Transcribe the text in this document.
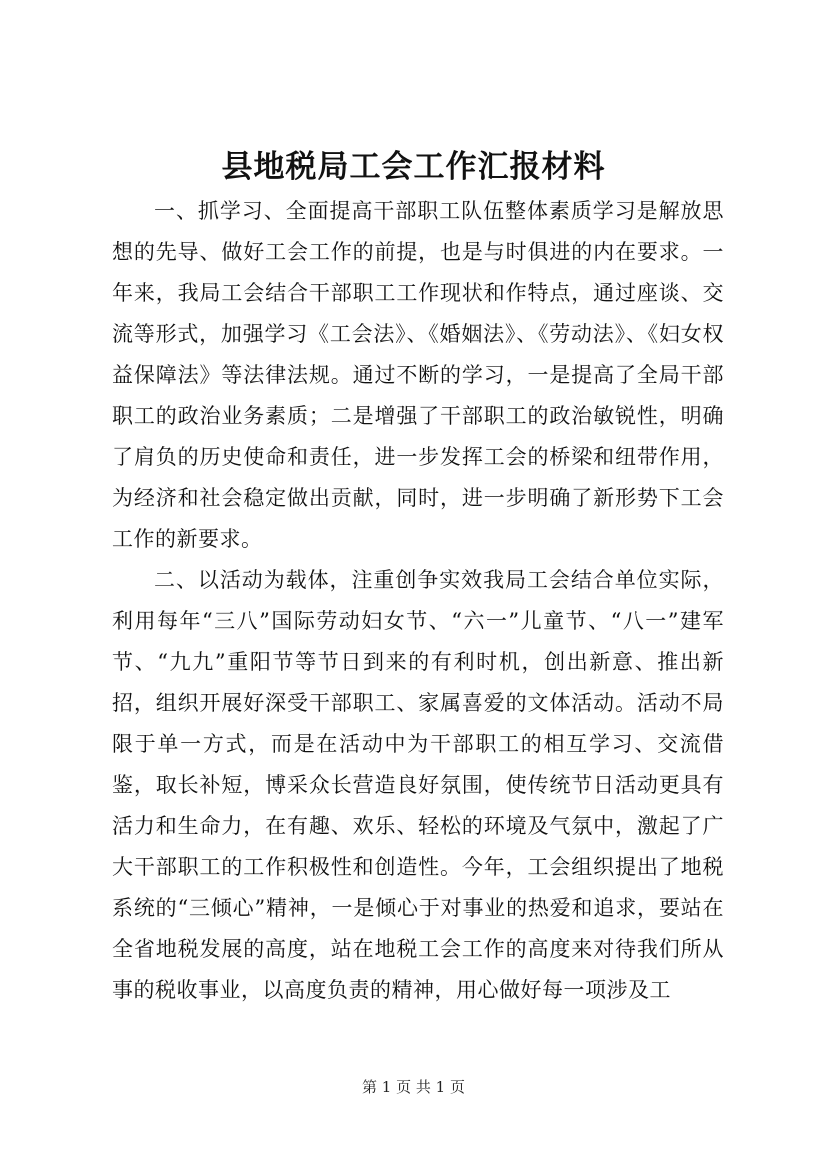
县地税局工会工作汇报材料

一、抓学习、全面提高干部职工队伍整体素质学习是解放思想的先导、做好工会工作的前提，也是与时俱进的内在要求。一年来，我局工会结合干部职工工作现状和作特点，通过座谈、交流等形式，加强学习《工会法》、《婚姻法》、《劳动法》、《妇女权益保障法》等法律法规。通过不断的学习，一是提高了全局干部职工的政治业务素质；二是增强了干部职工的政治敏锐性，明确了肩负的历史使命和责任，进一步发挥工会的桥梁和纽带作用，为经济和社会稳定做出贡献，同时，进一步明确了新形势下工会工作的新要求。

二、以活动为载体，注重创争实效我局工会结合单位实际，利用每年“三八”国际劳动妇女节、“六一”儿童节、“八一”建军节、“九九”重阳节等节日到来的有利时机，创出新意、推出新招，组织开展好深受干部职工、家属喜爱的文体活动。活动不局限于单一方式，而是在活动中为干部职工的相互学习、交流借鉴，取长补短，博采众长营造良好氛围，使传统节日活动更具有活力和生命力，在有趣、欢乐、轻松的环境及气氛中，激起了广大干部职工的工作积极性和创造性。今年，工会组织提出了地税系统的“三倾心”精神，一是倾心于对事业的热爱和追求，要站在全省地税发展的高度，站在地税工会工作的高度来对待我们所从事的税收事业，以高度负责的精神，用心做好每一项涉及工

第 1 页 共 1 页
